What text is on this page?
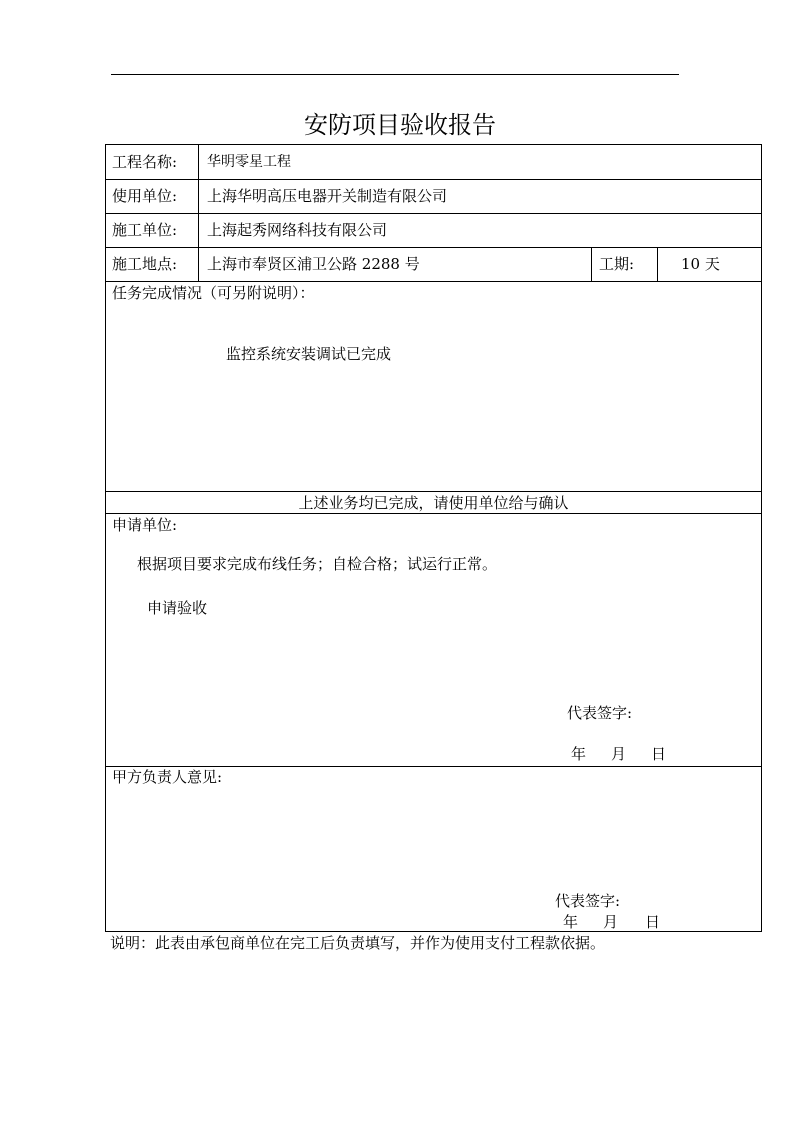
安防项目验收报告
工程名称: 华明零星工程
使用单位: 上海华明高压电器开关制造有限公司
施工单位: 上海起秀网络科技有限公司
施工地点: 上海市奉贤区浦卫公路 2288 号	工期:	10 天
任务完成情况（可另附说明）：
监控系统安装调试已完成
上述业务均已完成，请使用单位给与确认
申请单位:
根据项目要求完成布线任务；自检合格；试运行正常。
申请验收
代表签字:
年 月 日
甲方负责人意见:
代表签字:
年 月 日
说明：此表由承包商单位在完工后负责填写，并作为使用支付工程款依据。
